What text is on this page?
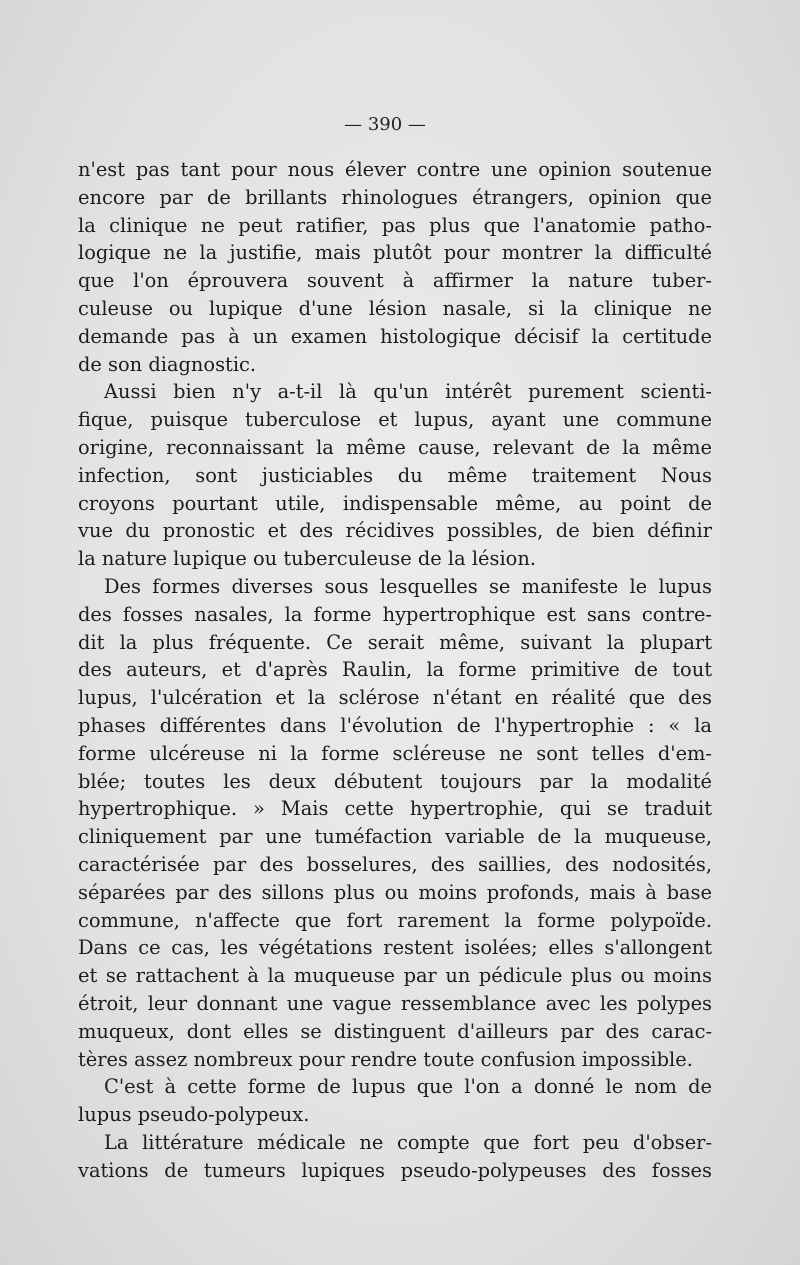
— 390 —
n'est pas tant pour nous élever contre une opinion soutenue
encore par de brillants rhinologues étrangers, opinion que
la clinique ne peut ratifier, pas plus que l'anatomie patho-
logique ne la justifie, mais plutôt pour montrer la difficulté
que l'on éprouvera souvent à affirmer la nature tuber-
culeuse ou lupique d'une lésion nasale, si la clinique ne
demande pas à un examen histologique décisif la certitude
de son diagnostic.
Aussi bien n'y a-t-il là qu'un intérêt purement scienti-
fique, puisque tuberculose et lupus, ayant une commune
origine, reconnaissant la même cause, relevant de la même
infection, sont justiciables du même traitement Nous
croyons pourtant utile, indispensable même, au point de
vue du pronostic et des récidives possibles, de bien définir
la nature lupique ou tuberculeuse de la lésion.
Des formes diverses sous lesquelles se manifeste le lupus
des fosses nasales, la forme hypertrophique est sans contre-
dit la plus fréquente. Ce serait même, suivant la plupart
des auteurs, et d'après Raulin, la forme primitive de tout
lupus, l'ulcération et la sclérose n'étant en réalité que des
phases différentes dans l'évolution de l'hypertrophie : « la
forme ulcéreuse ni la forme scléreuse ne sont telles d'em-
blée; toutes les deux débutent toujours par la modalité
hypertrophique. » Mais cette hypertrophie, qui se traduit
cliniquement par une tuméfaction variable de la muqueuse,
caractérisée par des bosselures, des saillies, des nodosités,
séparées par des sillons plus ou moins profonds, mais à base
commune, n'affecte que fort rarement la forme polypoïde.
Dans ce cas, les végétations restent isolées; elles s'allongent
et se rattachent à la muqueuse par un pédicule plus ou moins
étroit, leur donnant une vague ressemblance avec les polypes
muqueux, dont elles se distinguent d'ailleurs par des carac-
tères assez nombreux pour rendre toute confusion impossible.
C'est à cette forme de lupus que l'on a donné le nom de
lupus pseudo-polypeux.
La littérature médicale ne compte que fort peu d'obser-
vations de tumeurs lupiques pseudo-polypeuses des fosses
